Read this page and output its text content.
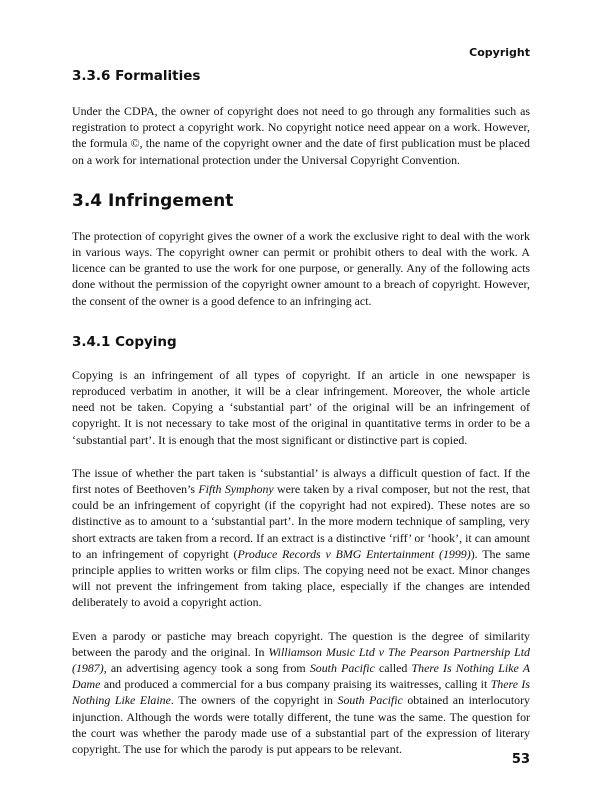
Copyright
3.3.6 Formalities

Under the CDPA, the owner of copyright does not need to go through any formalities such as registration to protect a copyright work. No copyright notice need appear on a work. However, the formula ©, the name of the copyright owner and the date of first publication must be placed on a work for international protection under the Universal Copyright Convention.

3.4 Infringement

The protection of copyright gives the owner of a work the exclusive right to deal with the work in various ways. The copyright owner can permit or prohibit others to deal with the work. A licence can be granted to use the work for one purpose, or generally. Any of the following acts done without the permission of the copyright owner amount to a breach of copyright. However, the consent of the owner is a good defence to an infringing act.

3.4.1 Copying

Copying is an infringement of all types of copyright. If an article in one newspaper is reproduced verbatim in another, it will be a clear infringement. Moreover, the whole article need not be taken. Copying a ‘substantial part’ of the original will be an infringement of copyright. It is not necessary to take most of the original in quantitative terms in order to be a ‘substantial part’. It is enough that the most significant or distinctive part is copied.

The issue of whether the part taken is ‘substantial’ is always a difficult question of fact. If the first notes of Beethoven’s Fifth Symphony were taken by a rival composer, but not the rest, that could be an infringement of copyright (if the copyright had not expired). These notes are so distinctive as to amount to a ‘substantial part’. In the more modern technique of sampling, very short extracts are taken from a record. If an extract is a distinctive ‘riff’ or ‘hook’, it can amount to an infringement of copyright (Produce Records v BMG Entertainment (1999)). The same principle applies to written works or film clips. The copying need not be exact. Minor changes will not prevent the infringement from taking place, especially if the changes are intended deliberately to avoid a copyright action.

Even a parody or pastiche may breach copyright. The question is the degree of similarity between the parody and the original. In Williamson Music Ltd v The Pearson Partnership Ltd (1987), an advertising agency took a song from South Pacific called There Is Nothing Like A Dame and produced a commercial for a bus company praising its waitresses, calling it There Is Nothing Like Elaine. The owners of the copyright in South Pacific obtained an interlocutory injunction. Although the words were totally different, the tune was the same. The question for the court was whether the parody made use of a substantial part of the expression of literary copyright. The use for which the parody is put appears to be relevant.

53
